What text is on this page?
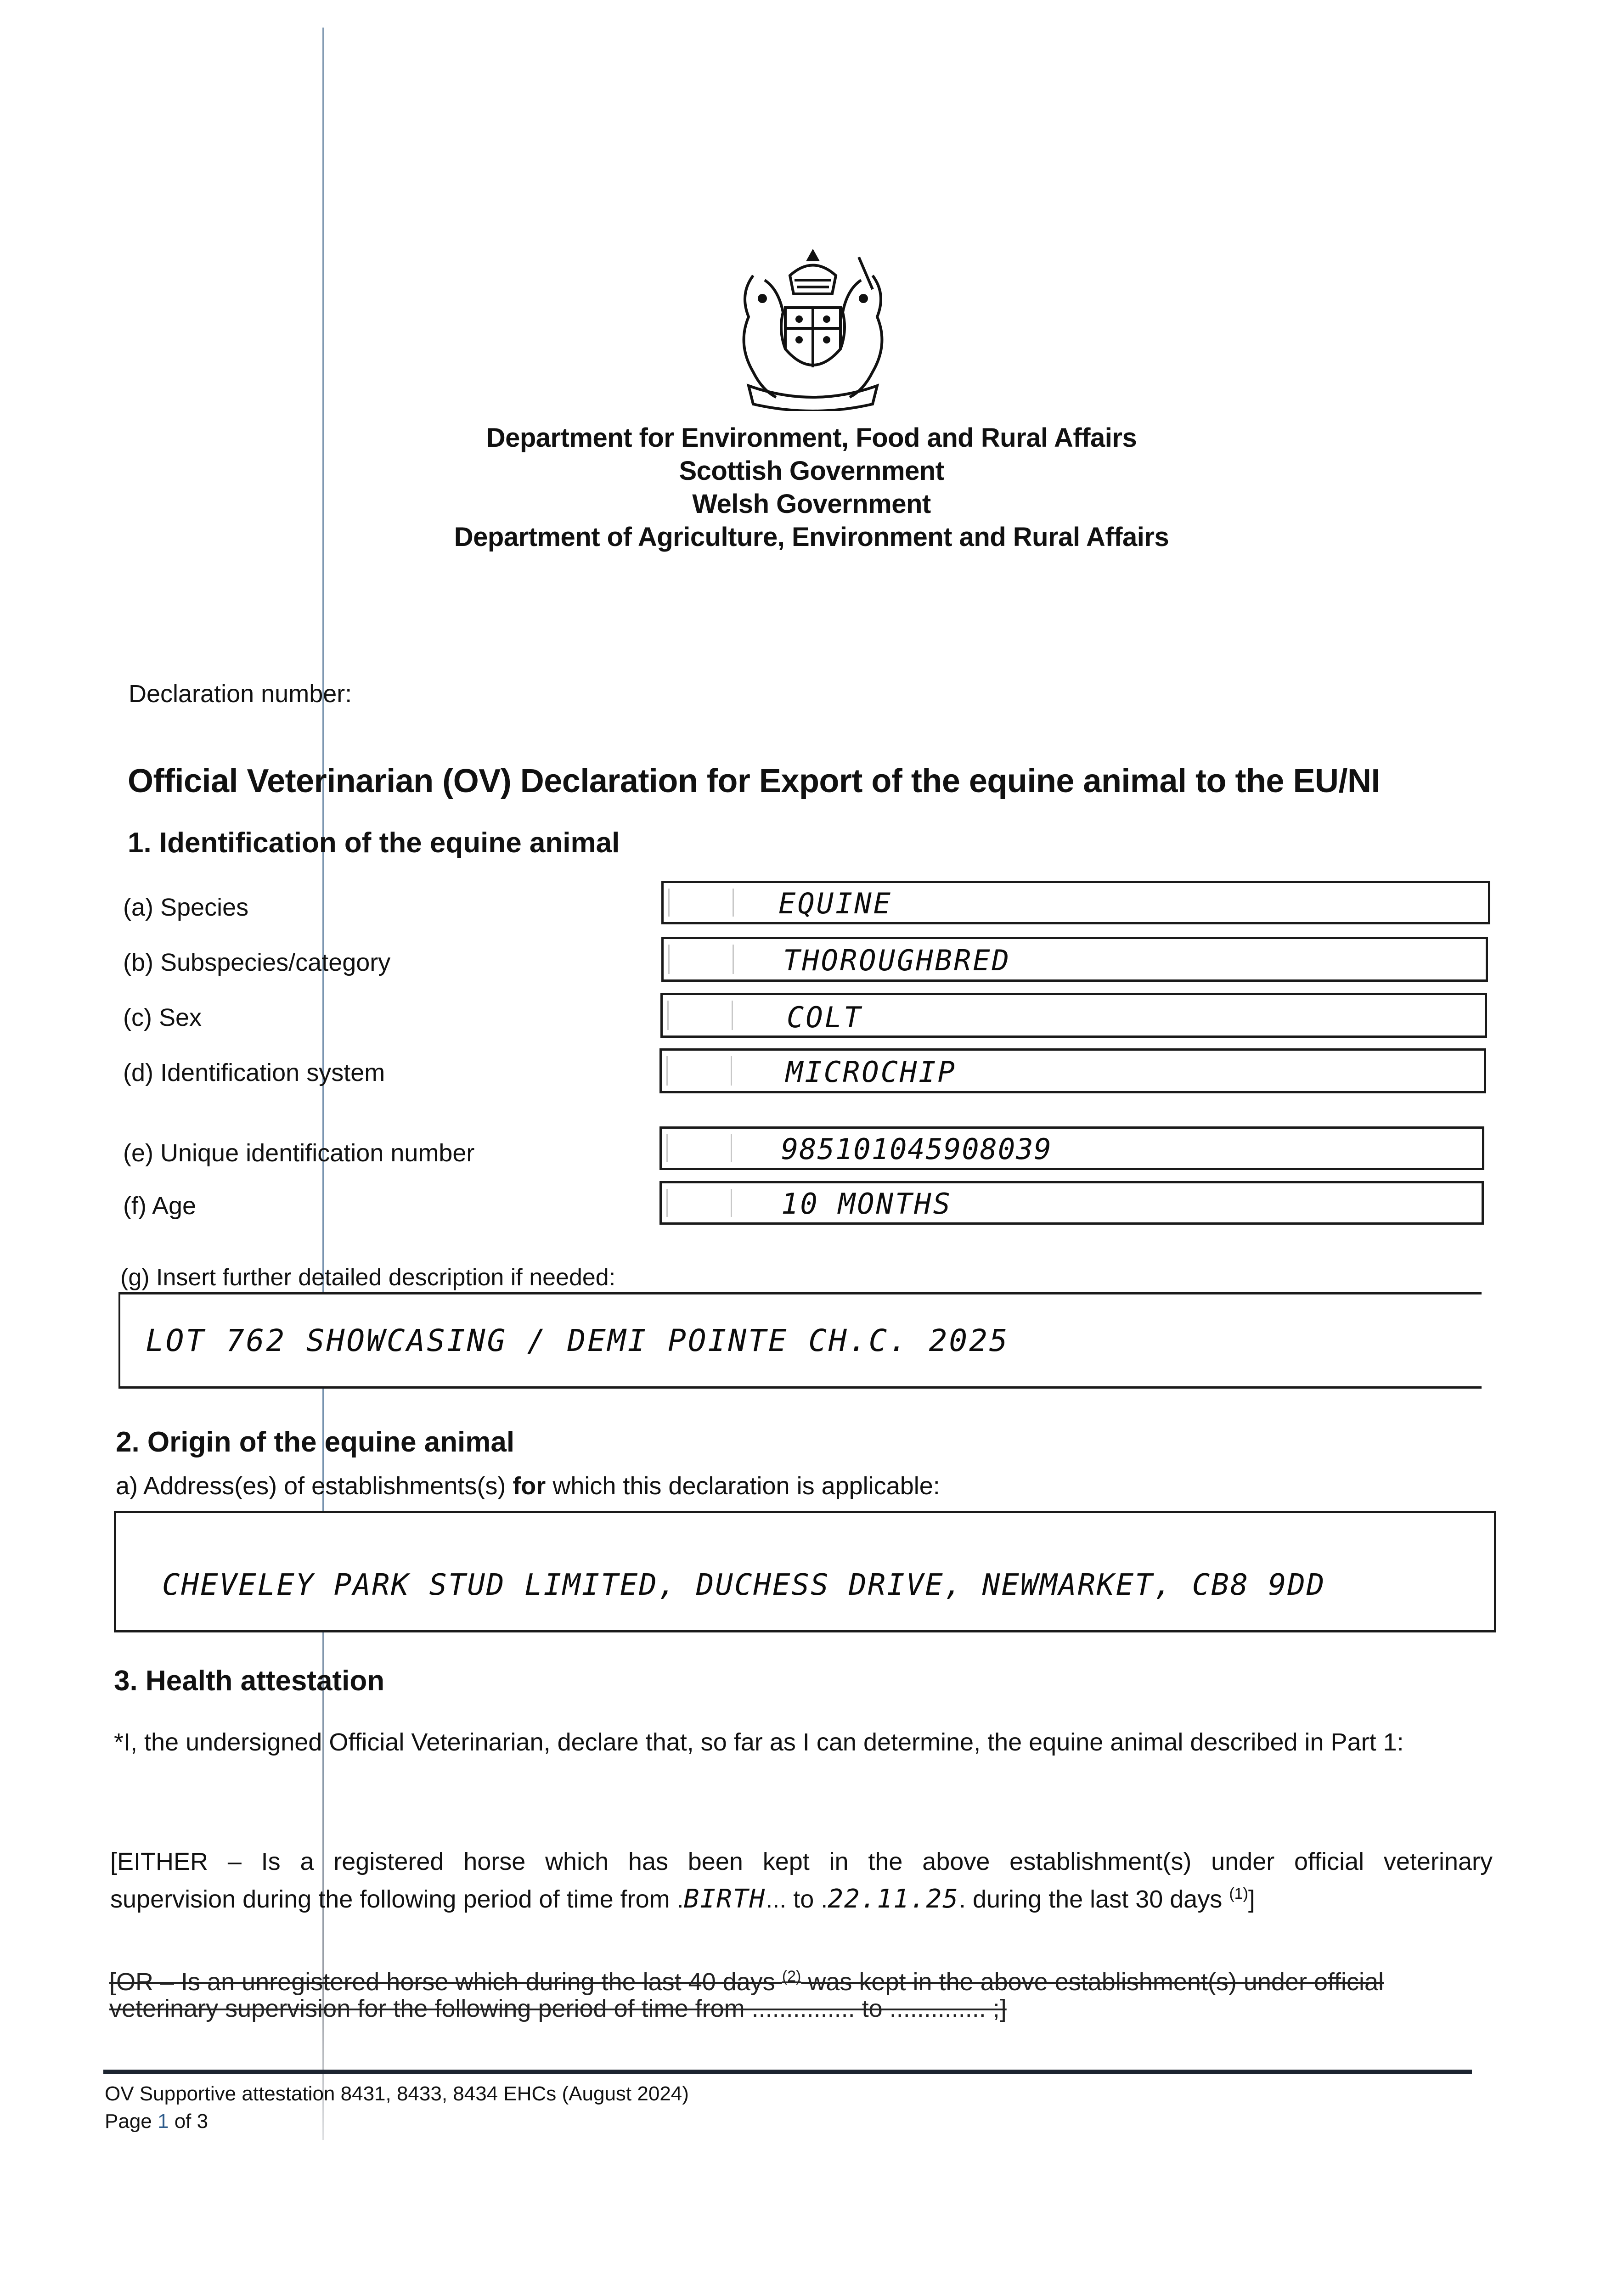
Department for Environment, Food and Rural Affairs
Scottish Government
Welsh Government
Department of Agriculture, Environment and Rural Affairs
Declaration number:
Official Veterinarian (OV) Declaration for Export of the equine animal to the EU/NI
1. Identification of the equine animal
(a) Species	EQUINE
(b) Subspecies/category	THOROUGHBRED
(c) Sex	COLT
(d) Identification system	MICROCHIP
(e) Unique identification number	985101045908039
(f) Age	10 MONTHS
(g) Insert further detailed description if needed:
LOT 762 SHOWCASING / DEMI POINTE CH.C. 2025
2. Origin of the equine animal
a) Address(es) of establishments(s) for which this declaration is applicable:
CHEVELEY PARK STUD LIMITED, DUCHESS DRIVE, NEWMARKET, CB8 9DD
3. Health attestation
*I, the undersigned Official Veterinarian, declare that, so far as I can determine, the equine animal described in Part 1:
[EITHER – Is a registered horse which has been kept in the above establishment(s) under official veterinary
supervision during the following period of time from .BIRTH... to .22.11.25. during the last 30 days $^{(1)}$]
[OR – Is an unregistered horse which during the last 40 days $^{(2)}$ was kept in the above establishment(s) under official
veterinary supervision for the following period of time from ............... to .............. ;]
OV Supportive attestation 8431, 8433, 8434 EHCs (August 2024)
Page 1 of 3
